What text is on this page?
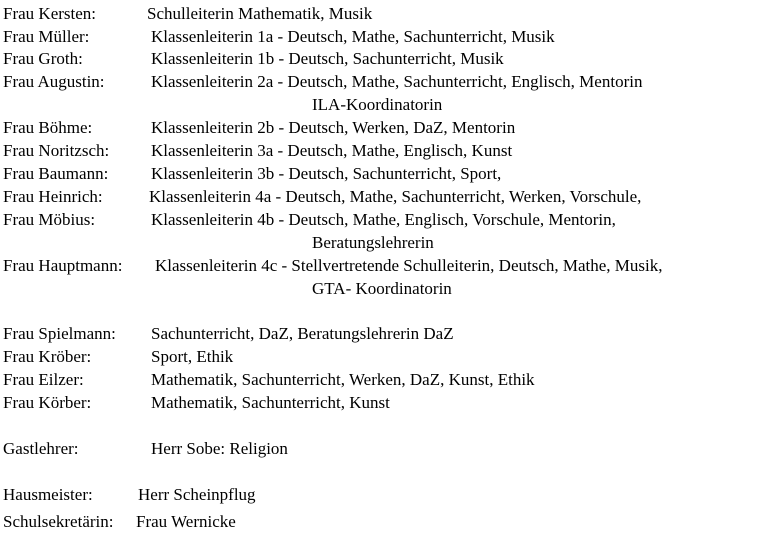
Frau Kersten:	Schulleiterin Mathematik, Musik
Frau Müller:	Klassenleiterin 1a - Deutsch, Mathe, Sachunterricht, Musik
Frau Groth:	Klassenleiterin 1b - Deutsch, Sachunterricht, Musik
Frau Augustin:	Klassenleiterin 2a - Deutsch, Mathe, Sachunterricht, Englisch, Mentorin
ILA-Koordinatorin
Frau Böhme:	Klassenleiterin 2b - Deutsch, Werken, DaZ, Mentorin
Frau Noritzsch: Klassenleiterin 3a - Deutsch, Mathe, Englisch, Kunst
Frau Baumann:	Klassenleiterin 3b - Deutsch, Sachunterricht, Sport,
Frau Heinrich:	Klassenleiterin 4a - Deutsch, Mathe, Sachunterricht, Werken, Vorschule,
Frau Möbius:	Klassenleiterin 4b - Deutsch, Mathe, Englisch, Vorschule, Mentorin,
Beratungslehrerin
Frau Hauptmann: Klassenleiterin 4c - Stellvertretende Schulleiterin, Deutsch, Mathe, Musik,
GTA- Koordinatorin
Frau Spielmann: Sachunterricht, DaZ, Beratungslehrerin DaZ
Frau Kröber:	Sport, Ethik
Frau Eilzer:	Mathematik, Sachunterricht, Werken, DaZ, Kunst, Ethik
Frau Körber:	Mathematik, Sachunterricht, Kunst
Gastlehrer:	Herr Sobe: Religion
Hausmeister:	Herr Scheinpflug
Schulsekretärin: Frau Wernicke
